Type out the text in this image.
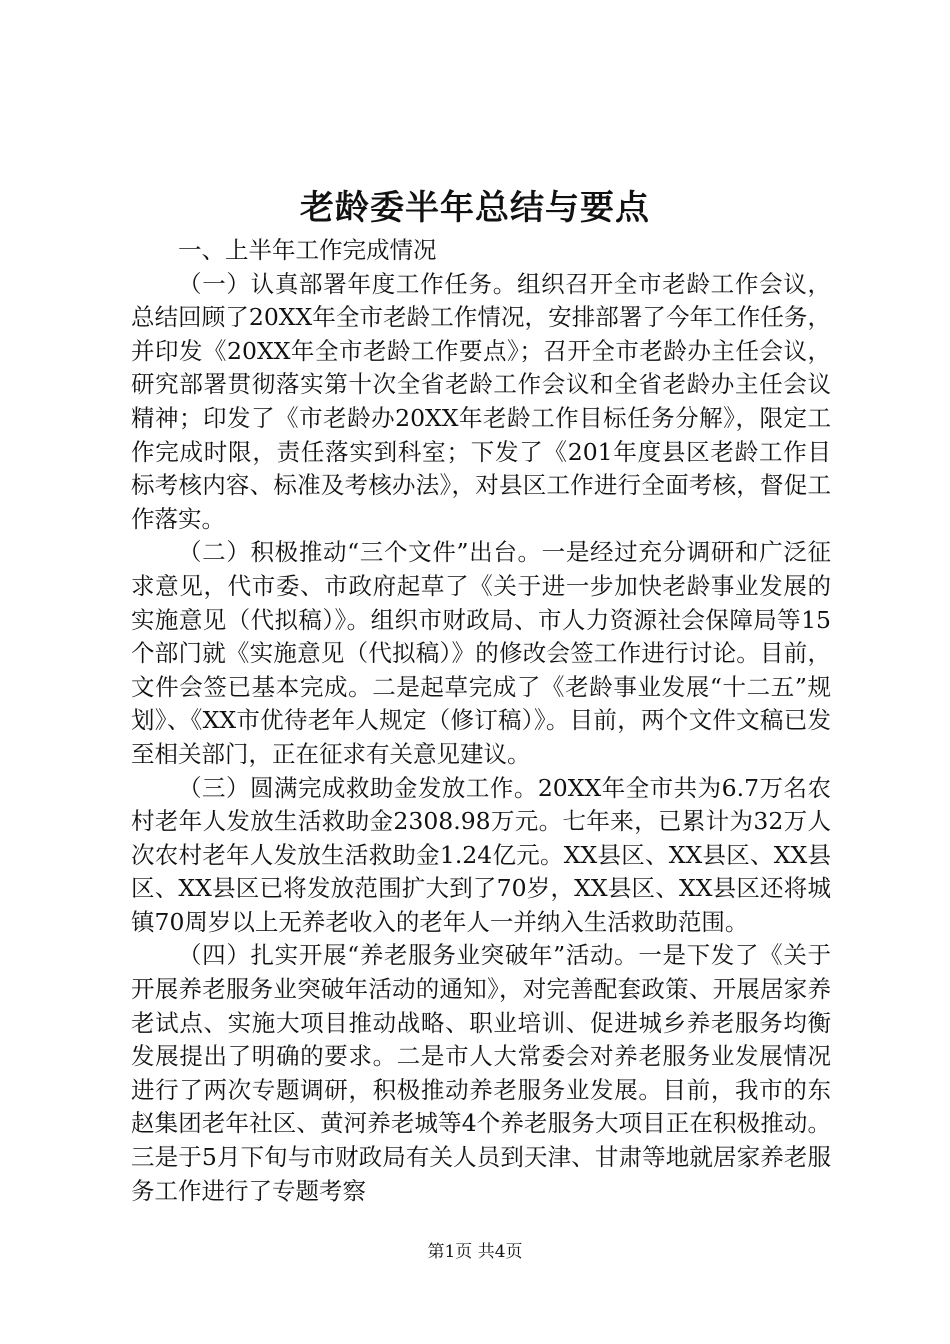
老龄委半年总结与要点

一、上半年工作完成情况

（一）认真部署年度工作任务。组织召开全市老龄工作会议，总结回顾了20XX年全市老龄工作情况，安排部署了今年工作任务，并印发《20XX年全市老龄工作要点》；召开全市老龄办主任会议，研究部署贯彻落实第十次全省老龄工作会议和全省老龄办主任会议精神；印发了《市老龄办20XX年老龄工作目标任务分解》，限定工作完成时限，责任落实到科室；下发了《201年度县区老龄工作目标考核内容、标准及考核办法》，对县区工作进行全面考核，督促工作落实。

（二）积极推动“三个文件”出台。一是经过充分调研和广泛征求意见，代市委、市政府起草了《关于进一步加快老龄事业发展的实施意见（代拟稿）》。组织市财政局、市人力资源社会保障局等15个部门就《实施意见（代拟稿）》的修改会签工作进行讨论。目前，文件会签已基本完成。二是起草完成了《老龄事业发展“十二五”规划》、《XX市优待老年人规定（修订稿）》。目前，两个文件文稿已发至相关部门，正在征求有关意见建议。

（三）圆满完成救助金发放工作。20XX年全市共为6.7万名农村老年人发放生活救助金2308.98万元。七年来，已累计为32万人次农村老年人发放生活救助金1.24亿元。XX县区、XX县区、XX县区、XX县区已将发放范围扩大到了70岁，XX县区、XX县区还将城镇70周岁以上无养老收入的老年人一并纳入生活救助范围。

（四）扎实开展“养老服务业突破年”活动。一是下发了《关于开展养老服务业突破年活动的通知》，对完善配套政策、开展居家养老试点、实施大项目推动战略、职业培训、促进城乡养老服务均衡发展提出了明确的要求。二是市人大常委会对养老服务业发展情况进行了两次专题调研，积极推动养老服务业发展。目前，我市的东赵集团老年社区、黄河养老城等4个养老服务大项目正在积极推动。三是于5月下旬与市财政局有关人员到天津、甘肃等地就居家养老服务工作进行了专题考察

第1页 共4页
